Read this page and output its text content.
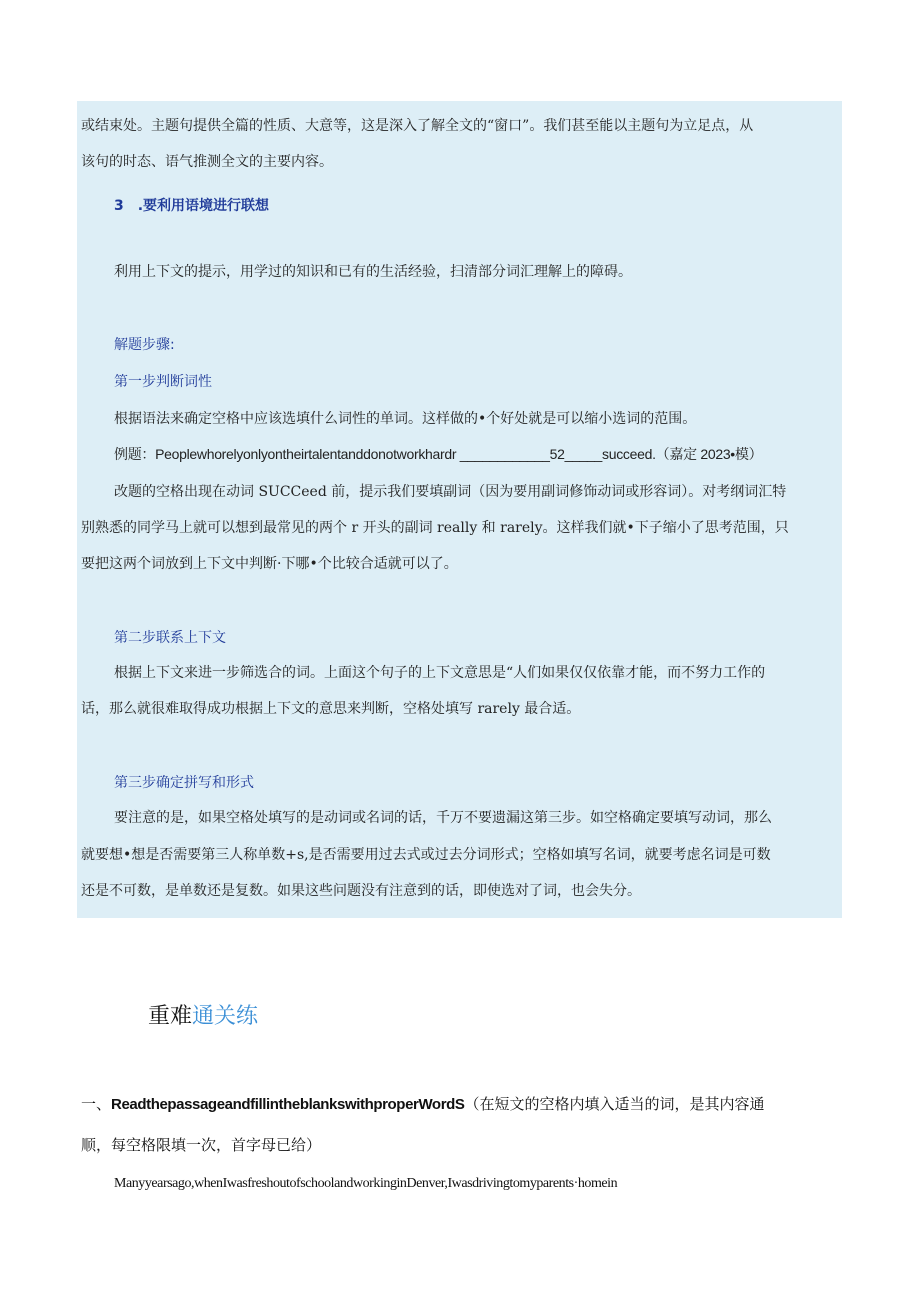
或结束处。主题句提供全篇的性质、大意等，这是深入了解全文的“窗口”。我们甚至能以主题句为立足点，从
该句的时态、语气推测全文的主要内容。
3　.要利用语境进行联想
利用上下文的提示，用学过的知识和已有的生活经验，扫清部分词汇理解上的障碍。
解题步骤:
第一步判断词性
根据语法来确定空格中应该选填什么词性的单词。这样做的•个好处就是可以缩小选词的范围。
例题：Peoplewhorelyonlyontheirtalentanddonotworkhardr ____________52_____succeed.（嘉定 2023•模）
改题的空格出现在动词 SUCCeed 前，提示我们要填副词（因为要用副词修饰动词或形容词）。对考纲词汇特
别熟悉的同学马上就可以想到最常见的两个 r 开头的副词 really 和 rarely。这样我们就•下子缩小了思考范围，只
要把这两个词放到上下文中判断·下哪•个比较合适就可以了。
第二步联系上下文
根据上下文来进一步筛选合的词。上面这个句子的上下文意思是“人们如果仅仅依靠才能，而不努力工作的
话，那么就很难取得成功根据上下文的意思来判断，空格处填写 rarely 最合适。
第三步确定拼写和形式
要注意的是，如果空格处填写的是动词或名词的话，千万不要遗漏这第三步。如空格确定要填写动词，那么
就要想•想是否需要第三人称单数+s,是否需要用过去式或过去分词形式；空格如填写名词，就要考虑名词是可数
还是不可数，是单数还是复数。如果这些问题没有注意到的话，即使选对了词，也会失分。
重难通关练
一、ReadthepassageandfillintheblankswithproperWordS（在短文的空格内填入适当的词，是其内容通
顺，每空格限填一次，首字母已给）
Manyyearsago,whenIwasfreshoutofschoolandworkinginDenver,Iwasdrivingtomyparents·homein
